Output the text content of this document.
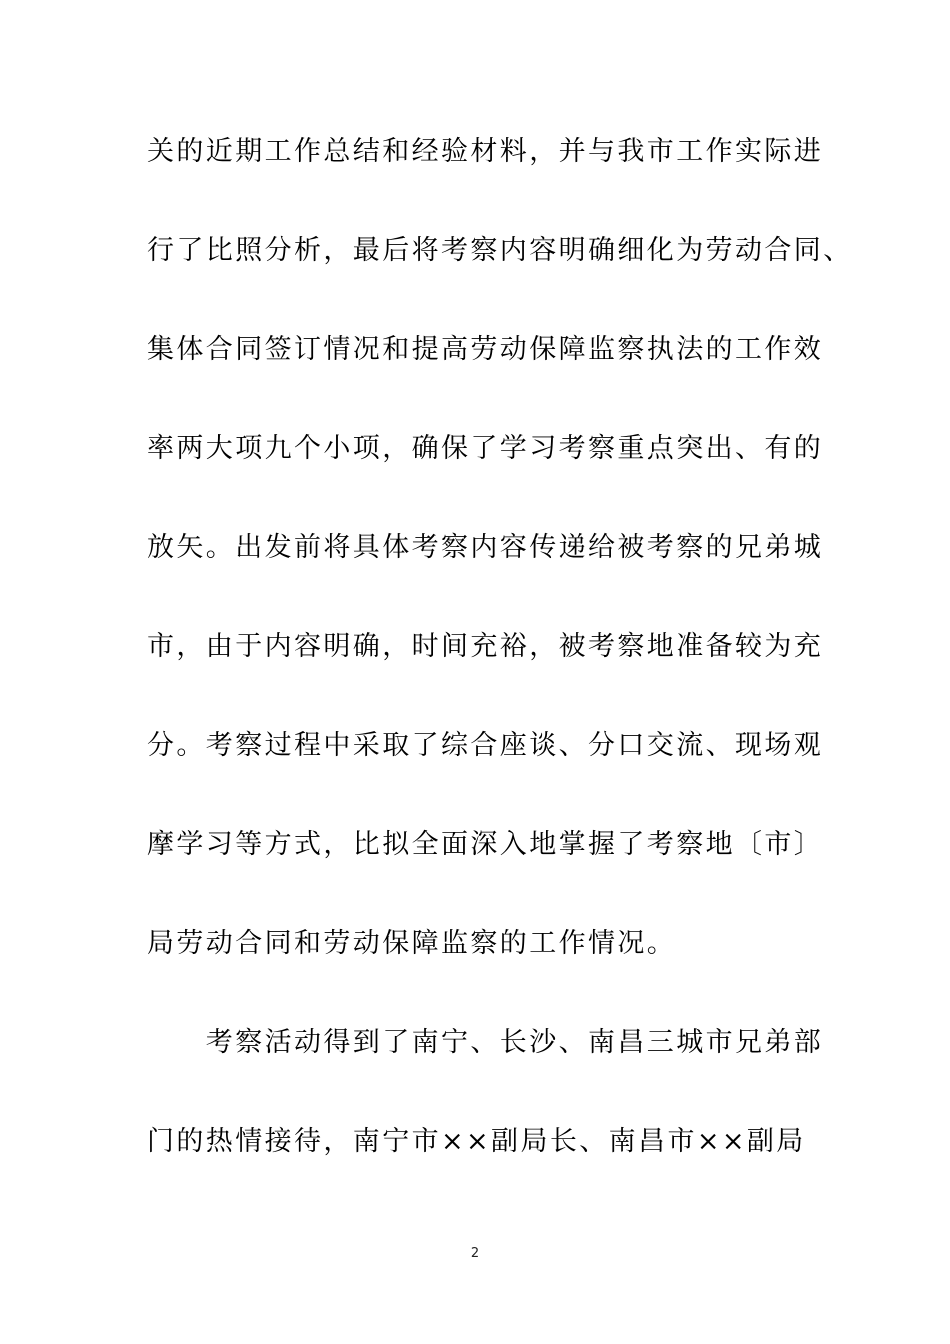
关的近期工作总结和经验材料，并与我市工作实际进
行了比照分析，最后将考察内容明确细化为劳动合同、
集体合同签订情况和提高劳动保障监察执法的工作效
率两大项九个小项，确保了学习考察重点突出、有的
放矢。出发前将具体考察内容传递给被考察的兄弟城
市，由于内容明确，时间充裕，被考察地准备较为充
分。考察过程中采取了综合座谈、分口交流、现场观
摩学习等方式，比拟全面深入地掌握了考察地〔市〕
局劳动合同和劳动保障监察的工作情况。
　　考察活动得到了南宁、长沙、南昌三城市兄弟部
门的热情接待，南宁市××副局长、南昌市××副局
2
